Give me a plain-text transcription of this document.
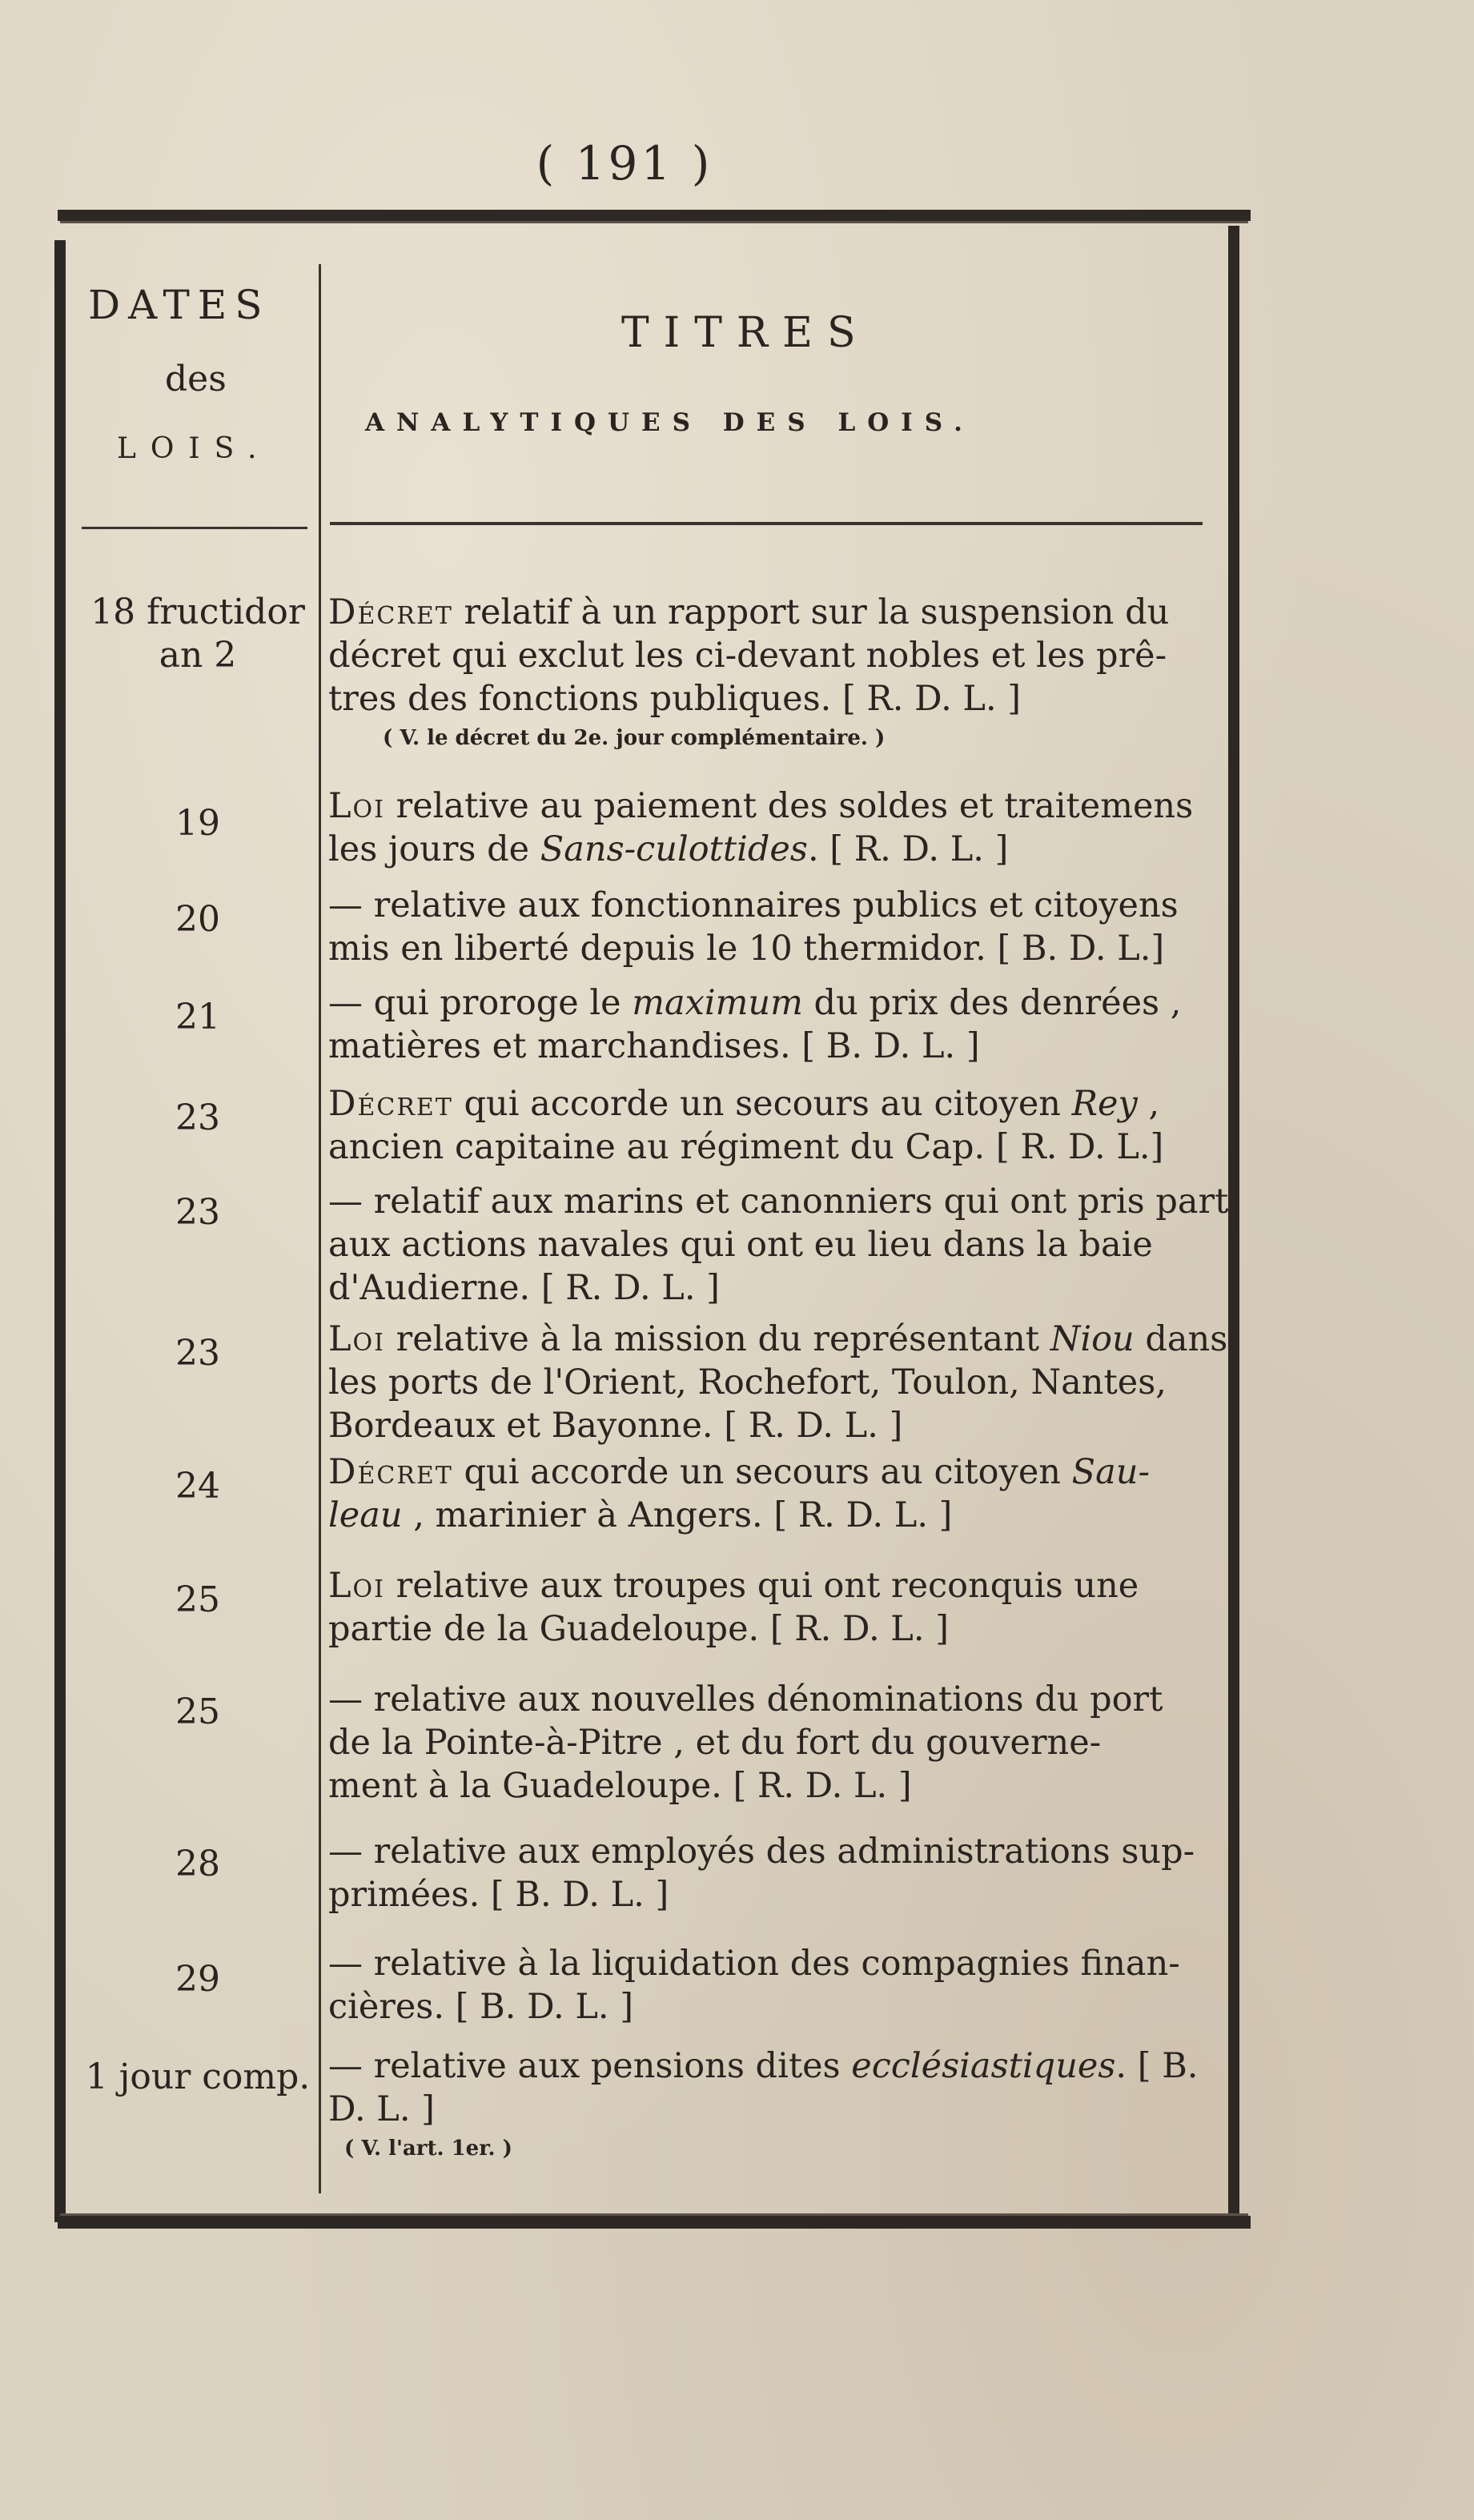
( 191 )
DATES
des
LOIS.
TITRES
ANALYTIQUES DES LOIS.
18 fructidor
an 2
Décret relatif à un rapport sur la suspension du
décret qui exclut les ci-devant nobles et les prê-
tres des fonctions publiques. [ R. D. L. ]
( V. le décret du 2e. jour complémentaire. )
19	Loi relative au paiement des soldes et traitemens
les jours de Sans-culottides. [ R. D. L. ]
20	— relative aux fonctionnaires publics et citoyens
mis en liberté depuis le 10 thermidor. [ B. D. L.]
21	— qui proroge le maximum du prix des denrées ,
matières et marchandises. [ B. D. L. ]
23	Décret qui accorde un secours au citoyen Rey ,
ancien capitaine au régiment du Cap. [ R. D. L.]
23	— relatif aux marins et canonniers qui ont pris part
aux actions navales qui ont eu lieu dans la baie
d'Audierne. [ R. D. L. ]
23	Loi relative à la mission du représentant Niou dans
les ports de l'Orient, Rochefort, Toulon, Nantes,
Bordeaux et Bayonne. [ R. D. L. ]
24	Décret qui accorde un secours au citoyen Sau-
leau , marinier à Angers. [ R. D. L. ]
25	Loi relative aux troupes qui ont reconquis une
partie de la Guadeloupe. [ R. D. L. ]
25	— relative aux nouvelles dénominations du port
de la Pointe-à-Pitre , et du fort du gouverne-
ment à la Guadeloupe. [ R. D. L. ]
28	— relative aux employés des administrations sup-
primées. [ B. D. L. ]
29	— relative à la liquidation des compagnies finan-
cières. [ B. D. L. ]
1 jour comp. — relative aux pensions dites ecclésiastiques. [ B.
D. L. ]
( V. l'art. 1er. )
